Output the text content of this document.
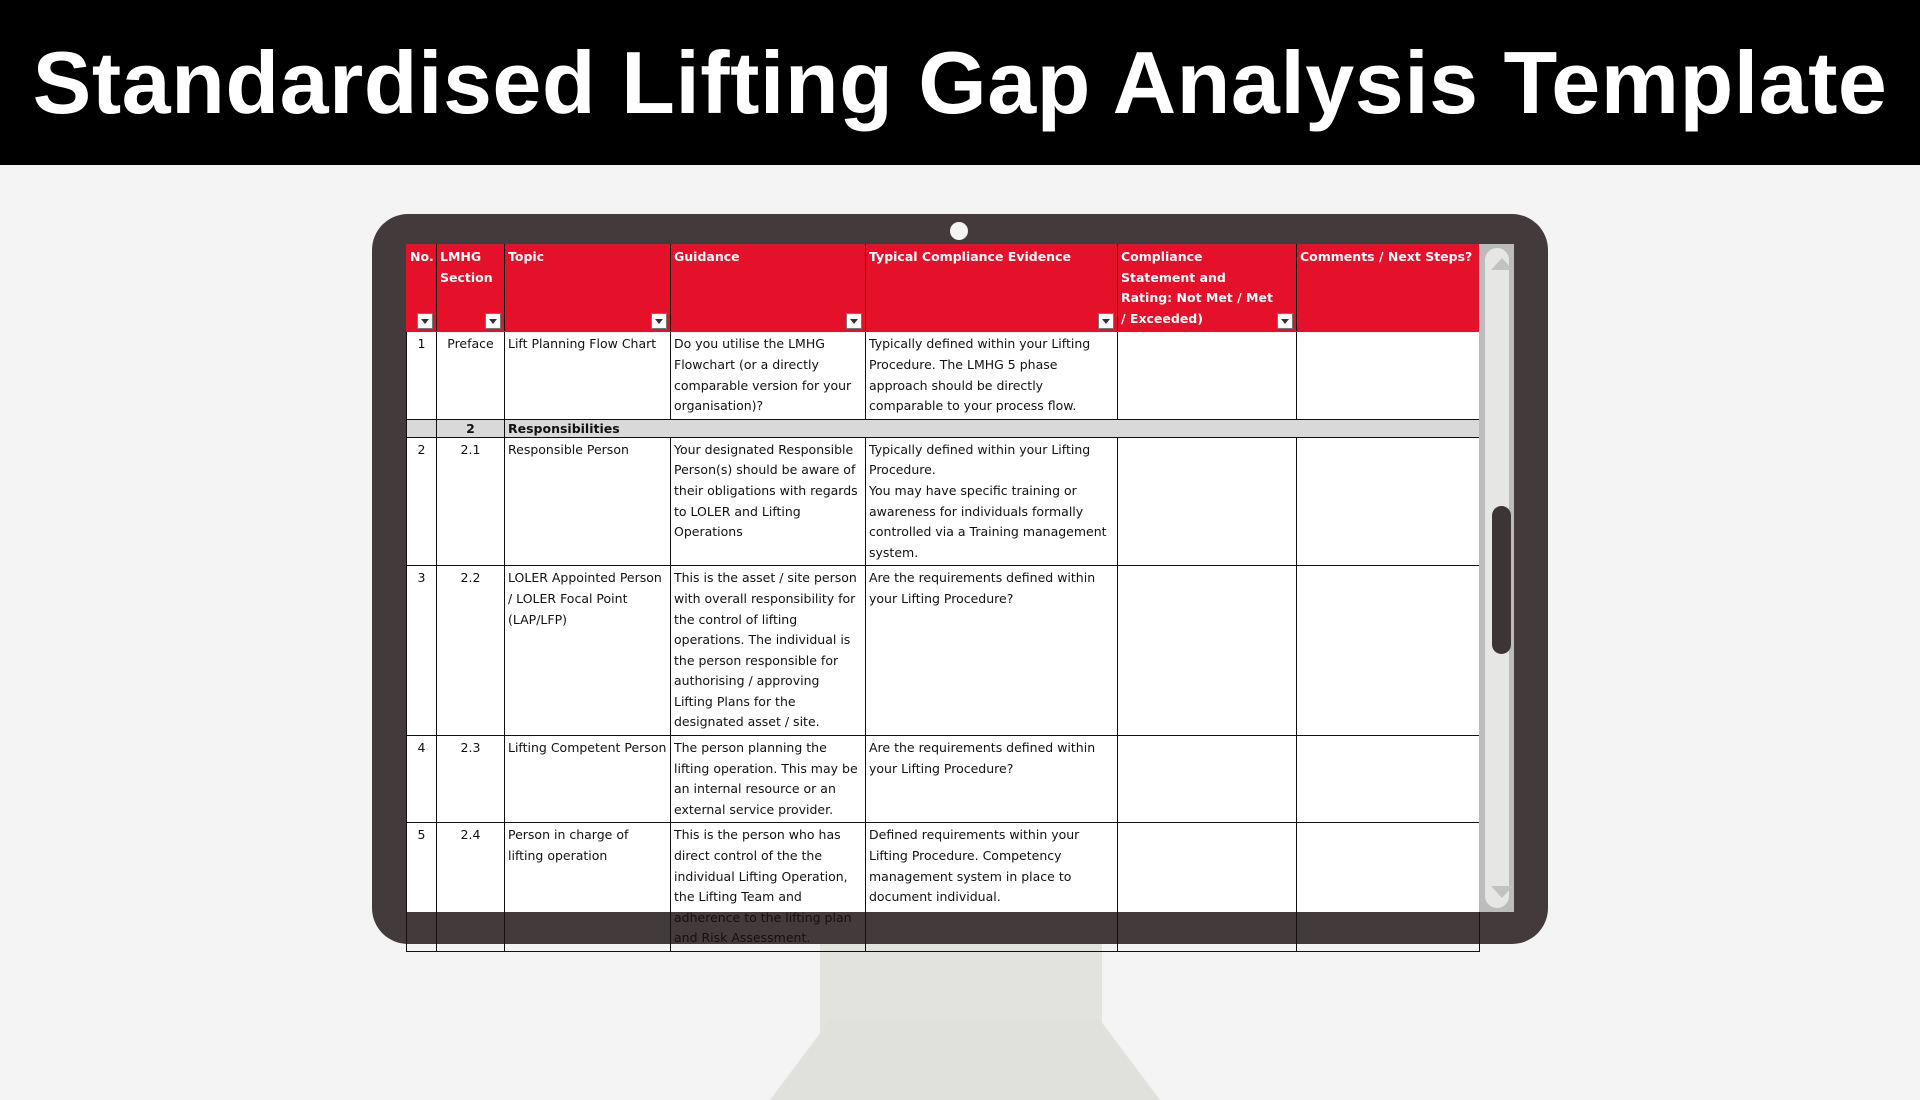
Standardised Lifting Gap Analysis Template
No.	LMHG Section	Topic	Guidance	Typical Compliance Evidence	Compliance Statement and Rating: Not Met / Met / Exceeded)	Comments / Next Steps?
1	Preface	Lift Planning Flow Chart	Do you utilise the LMHG Flowchart (or a directly comparable version for your organisation)?	Typically defined within your Lifting Procedure. The LMHG 5 phase approach should be directly comparable to your process flow.		
	2	Responsibilities				
2	2.1	Responsible Person	Your designated Responsible Person(s) should be aware of their obligations with regards to LOLER and Lifting Operations	Typically defined within your Lifting Procedure.
You may have specific training or awareness for individuals formally controlled via a Training management system.		
3	2.2	LOLER Appointed Person / LOLER Focal Point (LAP/LFP)	This is the asset / site person with overall responsibility for the control of lifting operations. The individual is the person responsible for authorising / approving Lifting Plans for the designated asset / site.	Are the requirements defined within your Lifting Procedure?		
4	2.3	Lifting Competent Person	The person planning the lifting operation. This may be an internal resource or an external service provider.	Are the requirements defined within your Lifting Procedure?		
5	2.4	Person in charge of lifting operation	This is the person who has direct control of the the individual Lifting Operation, the Lifting Team and adherence to the lifting plan and Risk Assessment.	Defined requirements within your Lifting Procedure. Competency management system in place to document individual.		
